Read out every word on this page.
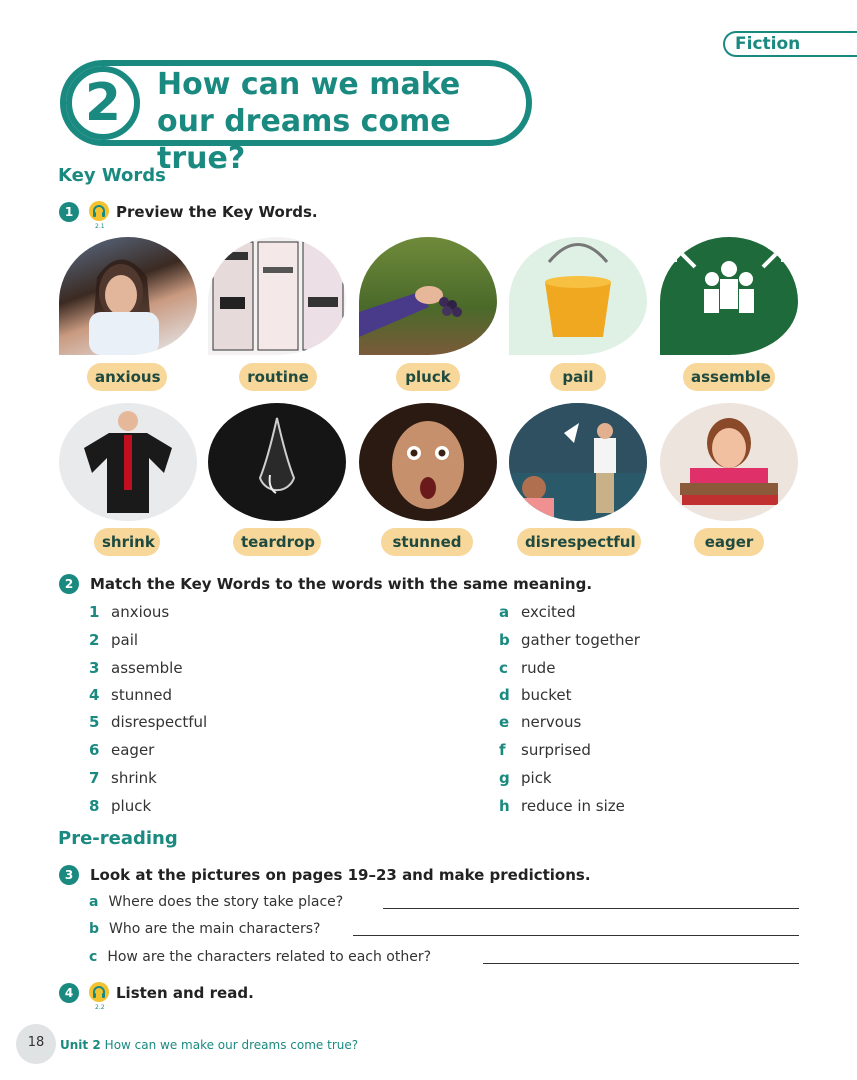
Fiction
2	How can we make our dreams come true?
Key Words
1
2.1
Preview the Key Words.
anxious	routine	pluck	pail	assemble
shrink	teardrop	stunned	disrespectful	eager
2	Match the Key Words to the words with the same meaning.
1 anxious
2 pail
3 assemble
4 stunned
5 disrespectful
6 eager
7 shrink
8 pluck
a excited
b gather together
c rude
d bucket
e nervous
f surprised
g pick
h reduce in size
Pre-reading
3	Look at the pictures on pages 19–23 and make predictions.
a Where does the story take place?
b Who are the main characters?
c How are the characters related to each other?
4
2.2
Listen and read.
18	Unit 2 How can we make our dreams come true?
